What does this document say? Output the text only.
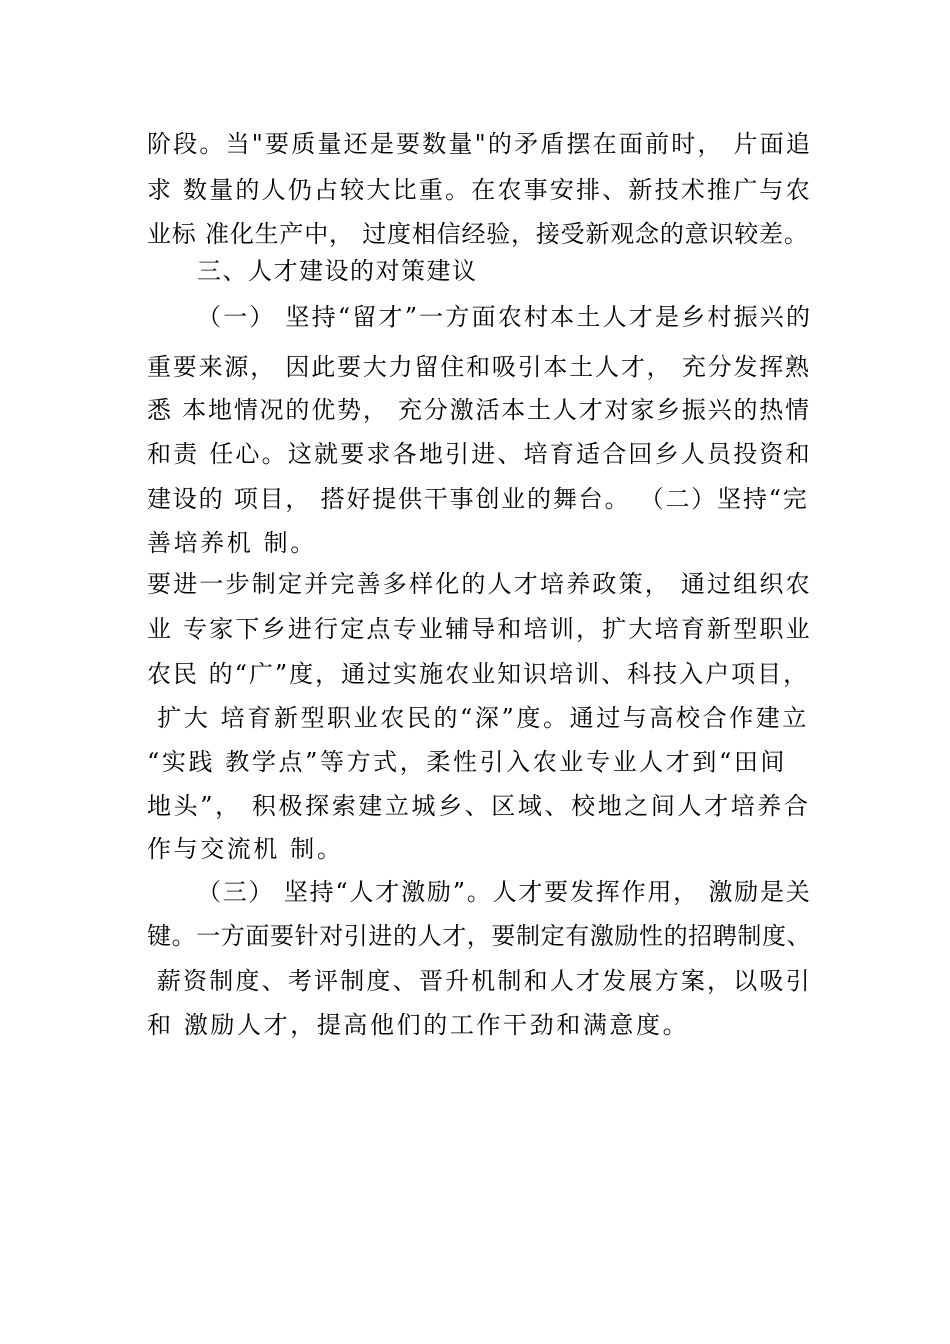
阶段。当"要质量还是要数量"的矛盾摆在面前时， 片面追
求 数量的人仍占较大比重。在农事安排、新技术推广与农
业标 准化生产中， 过度相信经验，接受新观念的意识较差。
三、人才建设的对策建议
（一） 坚持“留才”一方面农村本土人才是乡村振兴的
重要来源， 因此要大力留住和吸引本土人才， 充分发挥熟
悉 本地情况的优势， 充分激活本土人才对家乡振兴的热情
和责 任心。这就要求各地引进、培育适合回乡人员投资和
建设的 项目， 搭好提供干事创业的舞台。 （二）坚持“完
善培养机 制。
要进一步制定并完善多样化的人才培养政策， 通过组织农
业 专家下乡进行定点专业辅导和培训，扩大培育新型职业
农民 的“广”度，通过实施农业知识培训、科技入户项目，
扩大 培育新型职业农民的“深”度。通过与高校合作建立
“实践 教学点”等方式，柔性引入农业专业人才到“田间
地头”， 积极探索建立城乡、区域、校地之间人才培养合
作与交流机 制。
（三） 坚持“人才激励”。人才要发挥作用， 激励是关
键。一方面要针对引进的人才，要制定有激励性的招聘制度、
薪资制度、考评制度、晋升机制和人才发展方案，以吸引
和 激励人才，提高他们的工作干劲和满意度。
